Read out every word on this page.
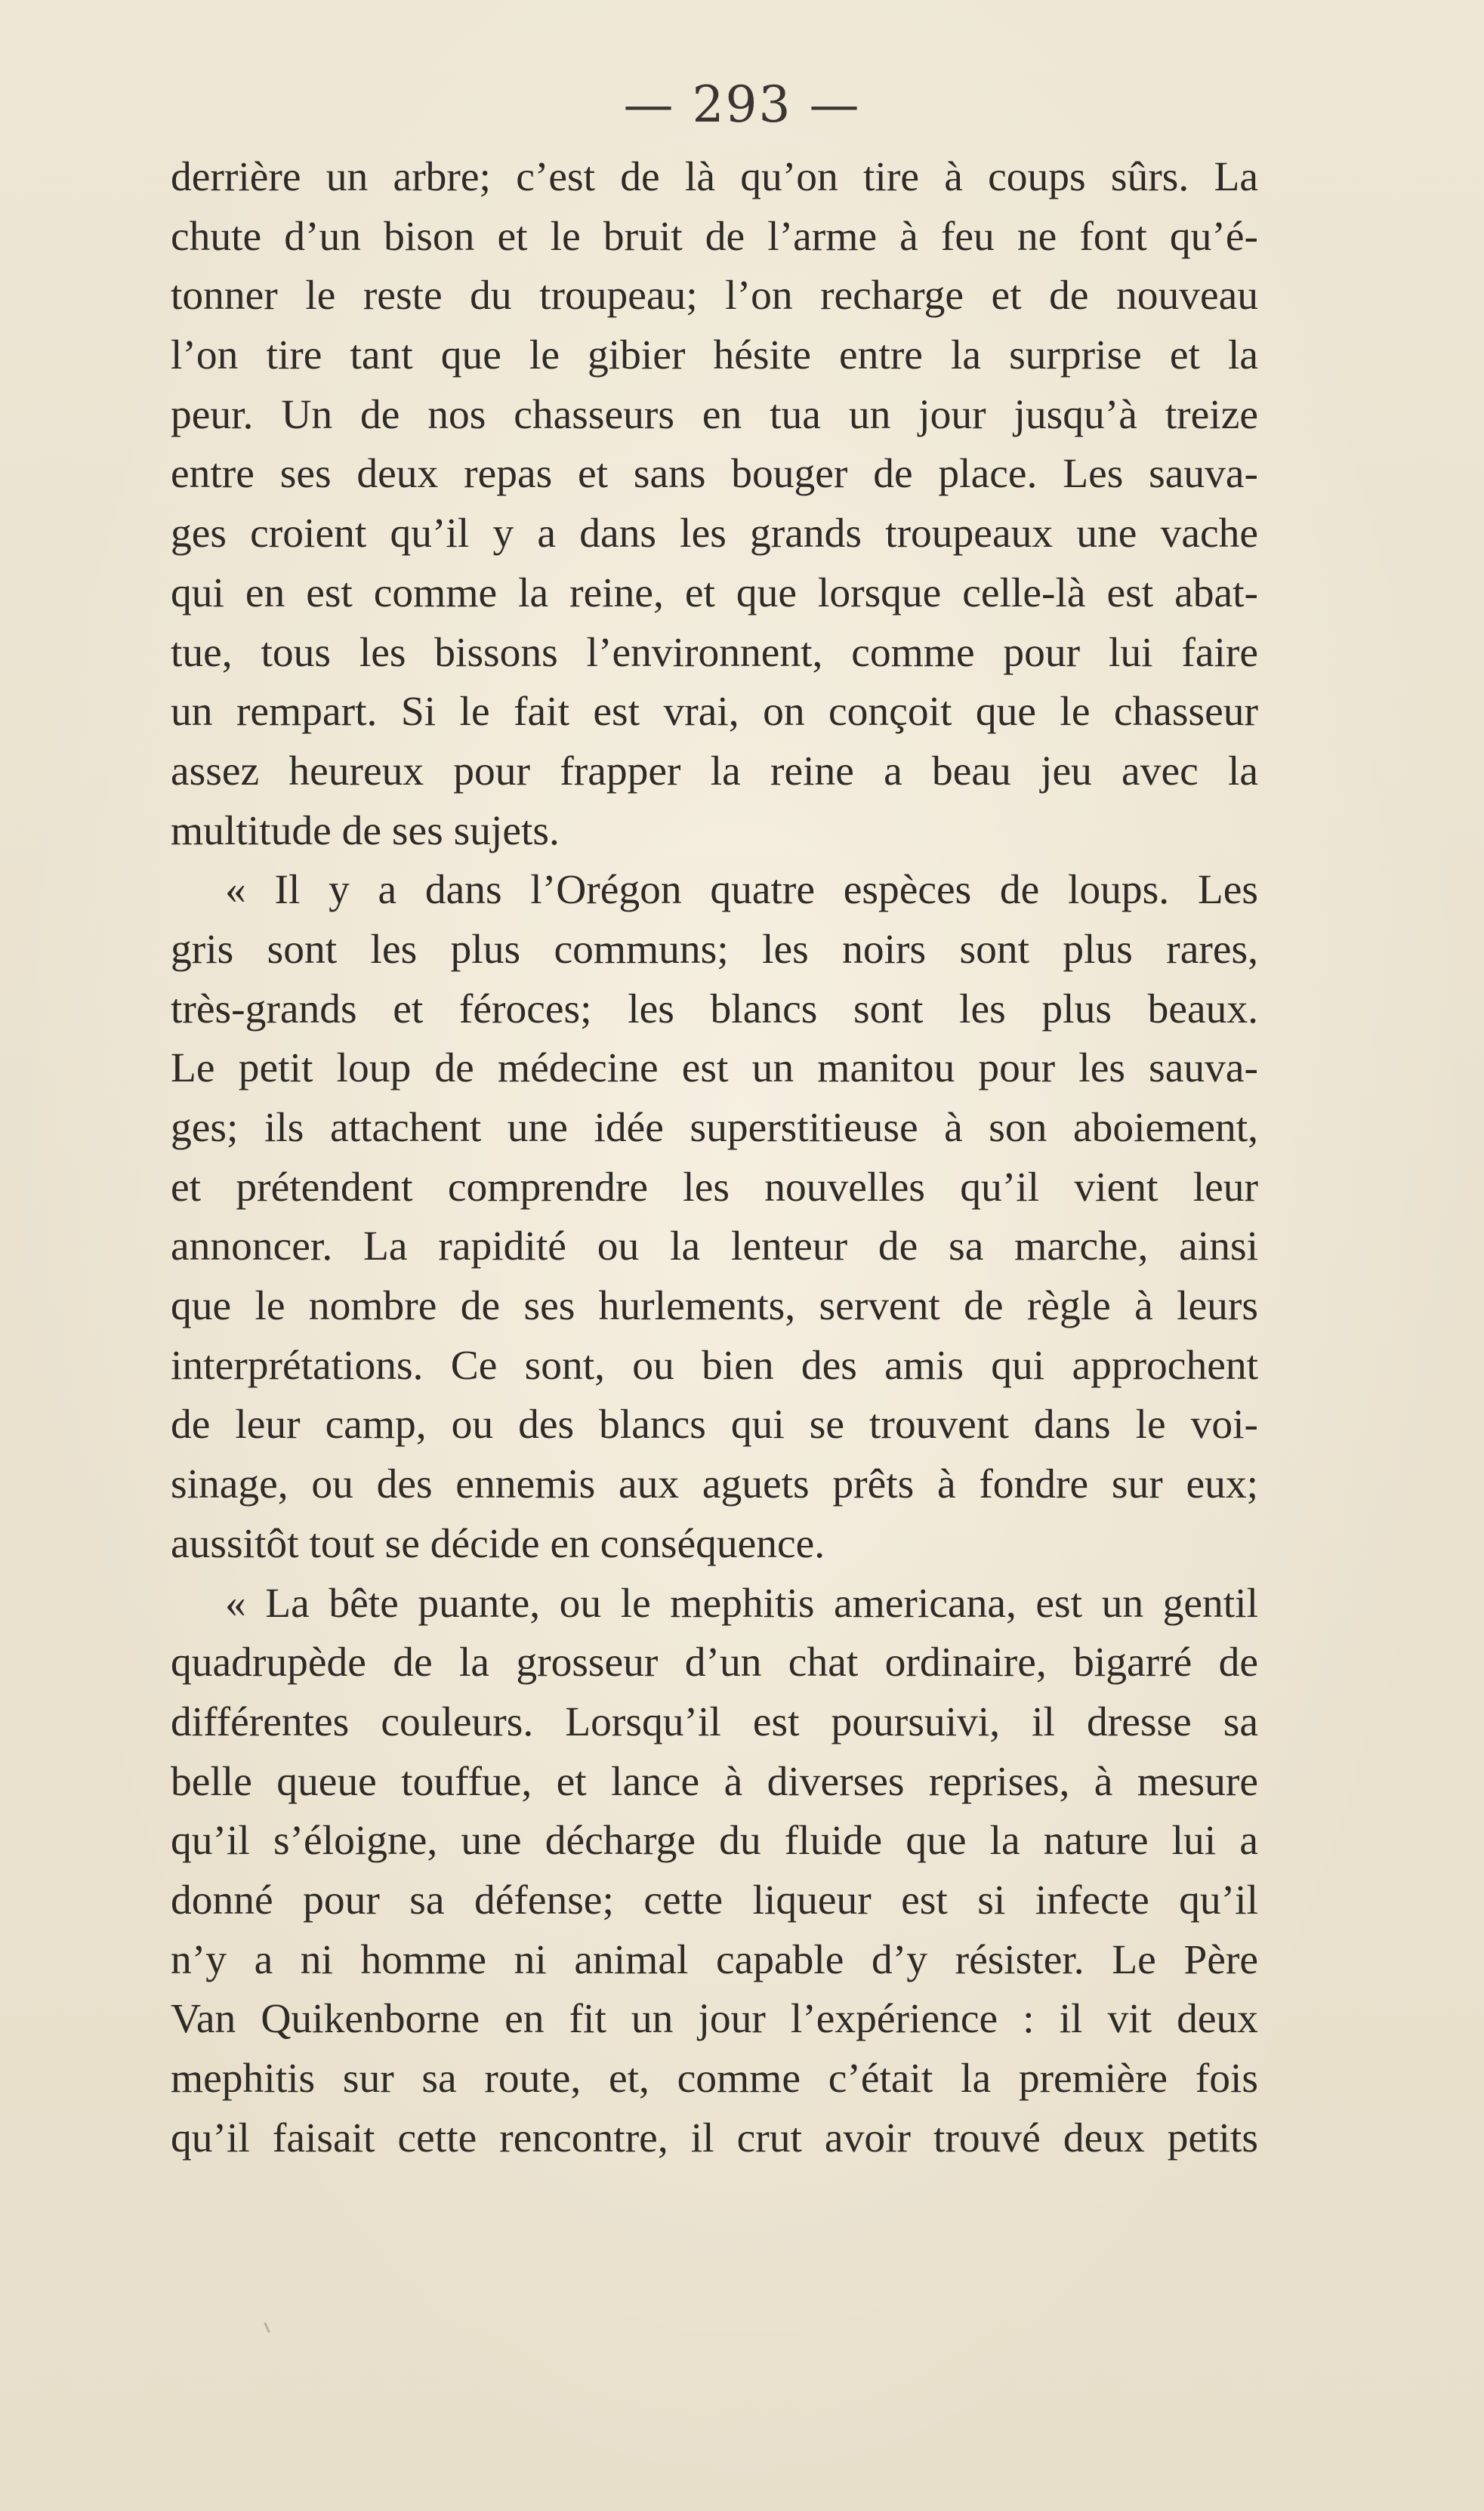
— 293 —
derrière un arbre; c’est de là qu’on tire à coups sûrs. La
chute d’un bison et le bruit de l’arme à feu ne font qu’é-
tonner le reste du troupeau; l’on recharge et de nouveau
l’on tire tant que le gibier hésite entre la surprise et la
peur. Un de nos chasseurs en tua un jour jusqu’à treize
entre ses deux repas et sans bouger de place. Les sauva-
ges croient qu’il y a dans les grands troupeaux une vache
qui en est comme la reine, et que lorsque celle-là est abat-
tue, tous les bissons l’environnent, comme pour lui faire
un rempart. Si le fait est vrai, on conçoit que le chasseur
assez heureux pour frapper la reine a beau jeu avec la
multitude de ses sujets.
« Il y a dans l’Orégon quatre espèces de loups. Les
gris sont les plus communs; les noirs sont plus rares,
très-grands et féroces; les blancs sont les plus beaux.
Le petit loup de médecine est un manitou pour les sauva-
ges; ils attachent une idée superstitieuse à son aboiement,
et prétendent comprendre les nouvelles qu’il vient leur
annoncer. La rapidité ou la lenteur de sa marche, ainsi
que le nombre de ses hurlements, servent de règle à leurs
interprétations. Ce sont, ou bien des amis qui approchent
de leur camp, ou des blancs qui se trouvent dans le voi-
sinage, ou des ennemis aux aguets prêts à fondre sur eux;
aussitôt tout se décide en conséquence.
« La bête puante, ou le mephitis americana, est un gentil
quadrupède de la grosseur d’un chat ordinaire, bigarré de
différentes couleurs. Lorsqu’il est poursuivi, il dresse sa
belle queue touffue, et lance à diverses reprises, à mesure
qu’il s’éloigne, une décharge du fluide que la nature lui a
donné pour sa défense; cette liqueur est si infecte qu’il
n’y a ni homme ni animal capable d’y résister. Le Père
Van Quikenborne en fit un jour l’expérience : il vit deux
mephitis sur sa route, et, comme c’était la première fois
qu’il faisait cette rencontre, il crut avoir trouvé deux petits
